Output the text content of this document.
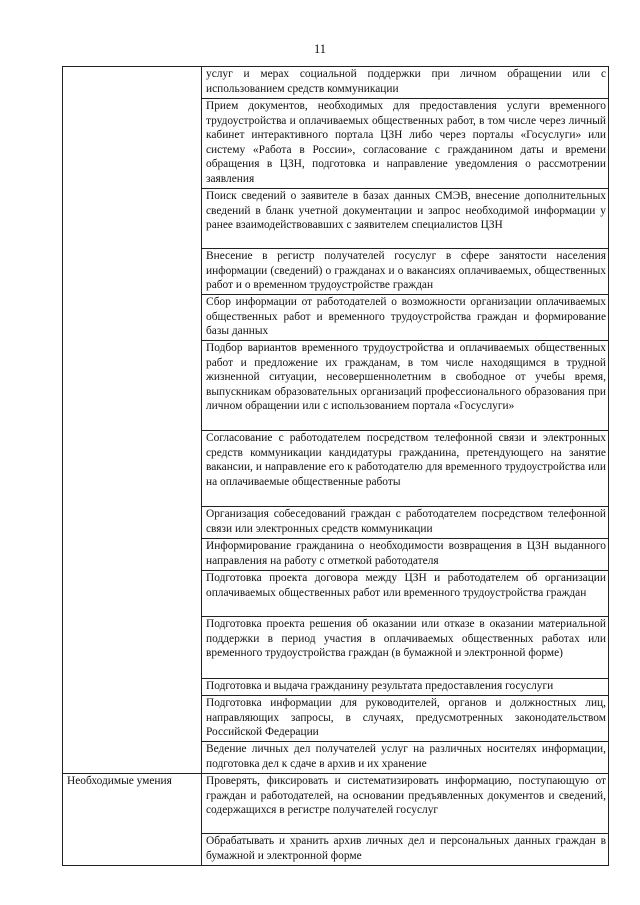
11
	услуг и мерах социальной поддержки при личном обращении или с использованием средств коммуникации
	Прием документов, необходимых для предоставления услуги временного трудоустройства и оплачиваемых общественных работ, в том числе через личный кабинет интерактивного портала ЦЗН либо через порталы «Госуслуги» или систему «Работа в России», согласование с гражданином даты и времени обращения в ЦЗН, подготовка и направление уведомления о рассмотрении заявления
	Поиск сведений о заявителе в базах данных СМЭВ, внесение дополнительных сведений в бланк учетной документации и запрос необходимой информации у ранее взаимодействовавших с заявителем специалистов ЦЗН
	Внесение в регистр получателей госуслуг в сфере занятости населения информации (сведений) о гражданах и о вакансиях оплачиваемых, общественных работ и о временном трудоустройстве граждан
	Сбор информации от работодателей о возможности организации оплачиваемых общественных работ и временного трудоустройства граждан и формирование базы данных
	Подбор вариантов временного трудоустройства и оплачиваемых общественных работ и предложение их гражданам, в том числе находящимся в трудной жизненной ситуации, несовершеннолетним в свободное от учебы время, выпускникам образовательных организаций профессионального образования при личном обращении или с использованием портала «Госуслуги»
	Согласование с работодателем посредством телефонной связи и электронных средств коммуникации кандидатуры гражданина, претендующего на занятие вакансии, и направление его к работодателю для временного трудоустройства или на оплачиваемые общественные работы
	Организация собеседований граждан с работодателем посредством телефонной связи или электронных средств коммуникации
	Информирование гражданина о необходимости возвращения в ЦЗН выданного направления на работу с отметкой работодателя
	Подготовка проекта договора между ЦЗН и работодателем об организации оплачиваемых общественных работ или временного трудоустройства граждан
	Подготовка проекта решения об оказании или отказе в оказании материальной поддержки в период участия в оплачиваемых общественных работах или временного трудоустройства граждан (в бумажной и электронной форме)
	Подготовка и выдача гражданину результата предоставления госуслуги
	Подготовка информации для руководителей, органов и должностных лиц, направляющих запросы, в случаях, предусмотренных законодательством Российской Федерации
	Ведение личных дел получателей услуг на различных носителях информации, подготовка дел к сдаче в архив и их хранение
Необходимые умения	Проверять, фиксировать и систематизировать информацию, поступающую от граждан и работодателей, на основании предъявленных документов и сведений, содержащихся в регистре получателей госуслуг
	Обрабатывать и хранить архив личных дел и персональных данных граждан в бумажной и электронной форме
